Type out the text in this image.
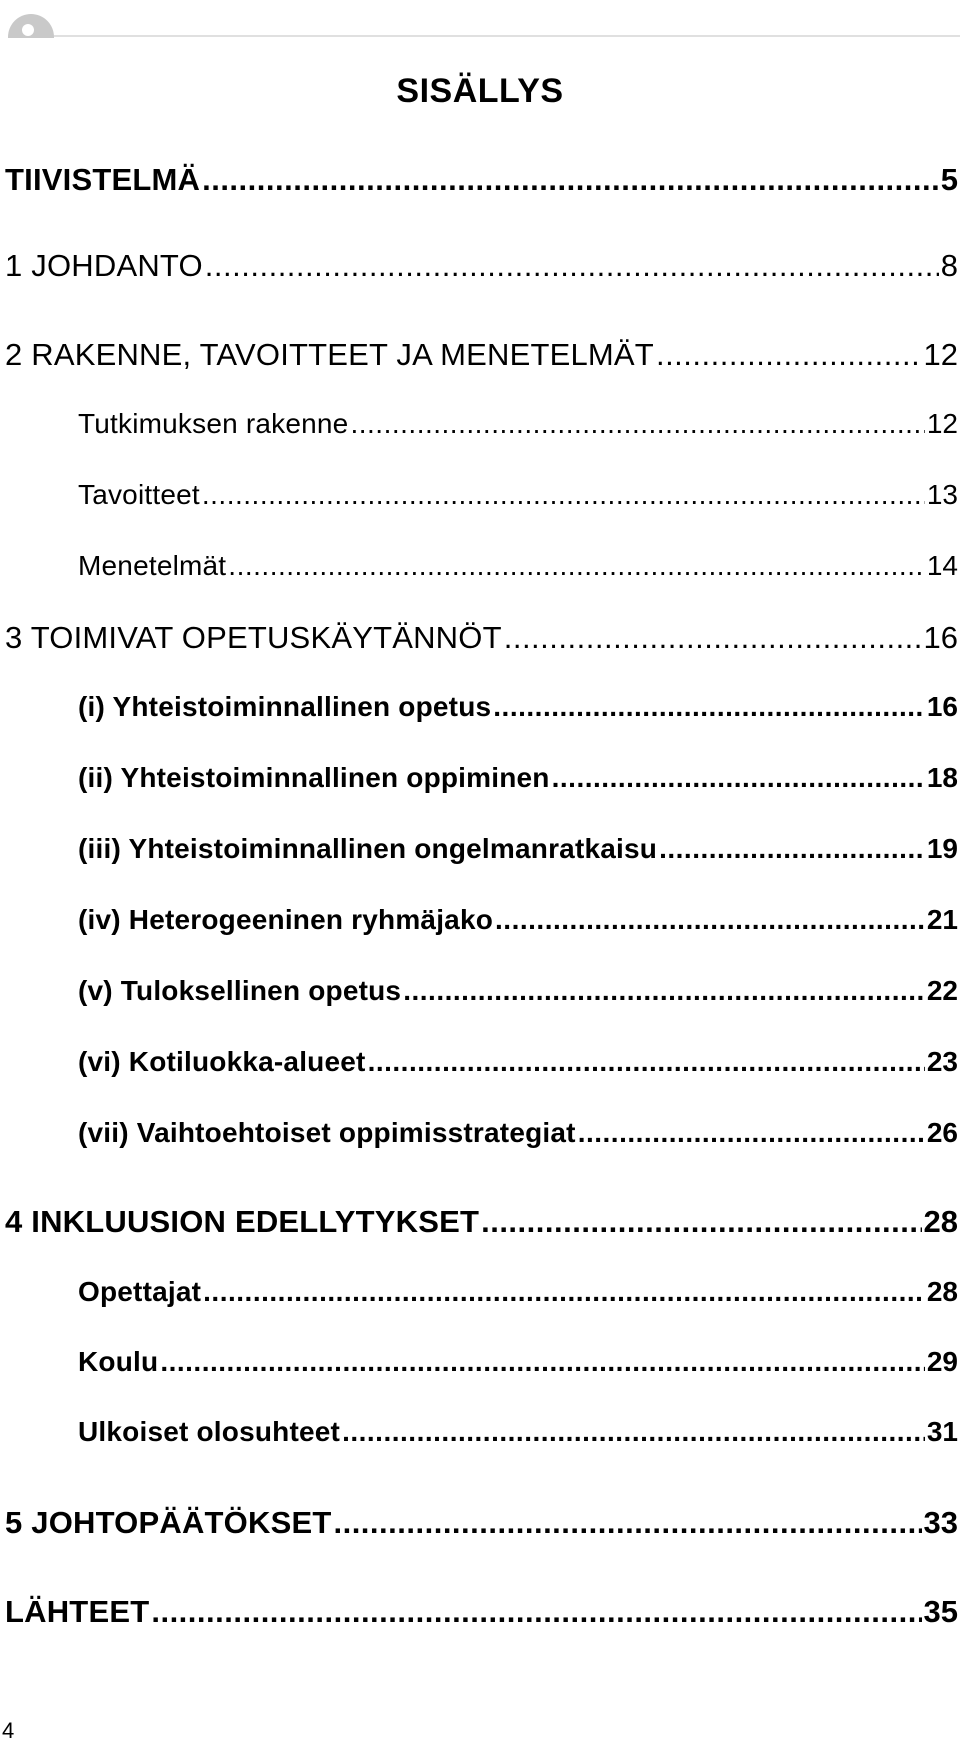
SISÄLLYS
TIIVISTELMÄ .....	5
1 JOHDANTO .....	8
2 RAKENNE, TAVOITTEET JA MENETELMÄT .....	12
Tutkimuksen rakenne .....	12
Tavoitteet .....	13
Menetelmät .....	14
3 TOIMIVAT OPETUSKÄYTÄNNÖT .....	16
(i) Yhteistoiminnallinen opetus .....	16
(ii) Yhteistoiminnallinen oppiminen .....	18
(iii) Yhteistoiminnallinen ongelmanratkaisu .....	19
(iv) Heterogeeninen ryhmäjako .....	21
(v) Tuloksellinen opetus .....	22
(vi) Kotiluokka-alueet .....	23
(vii) Vaihtoehtoiset oppimisstrategiat .....	26
4 INKLUUSION EDELLYTYKSET .....	28
Opettajat .....	28
Koulu .....	29
Ulkoiset olosuhteet .....	31
5 JOHTOPÄÄTÖKSET .....	33
LÄHTEET .....	35
4
